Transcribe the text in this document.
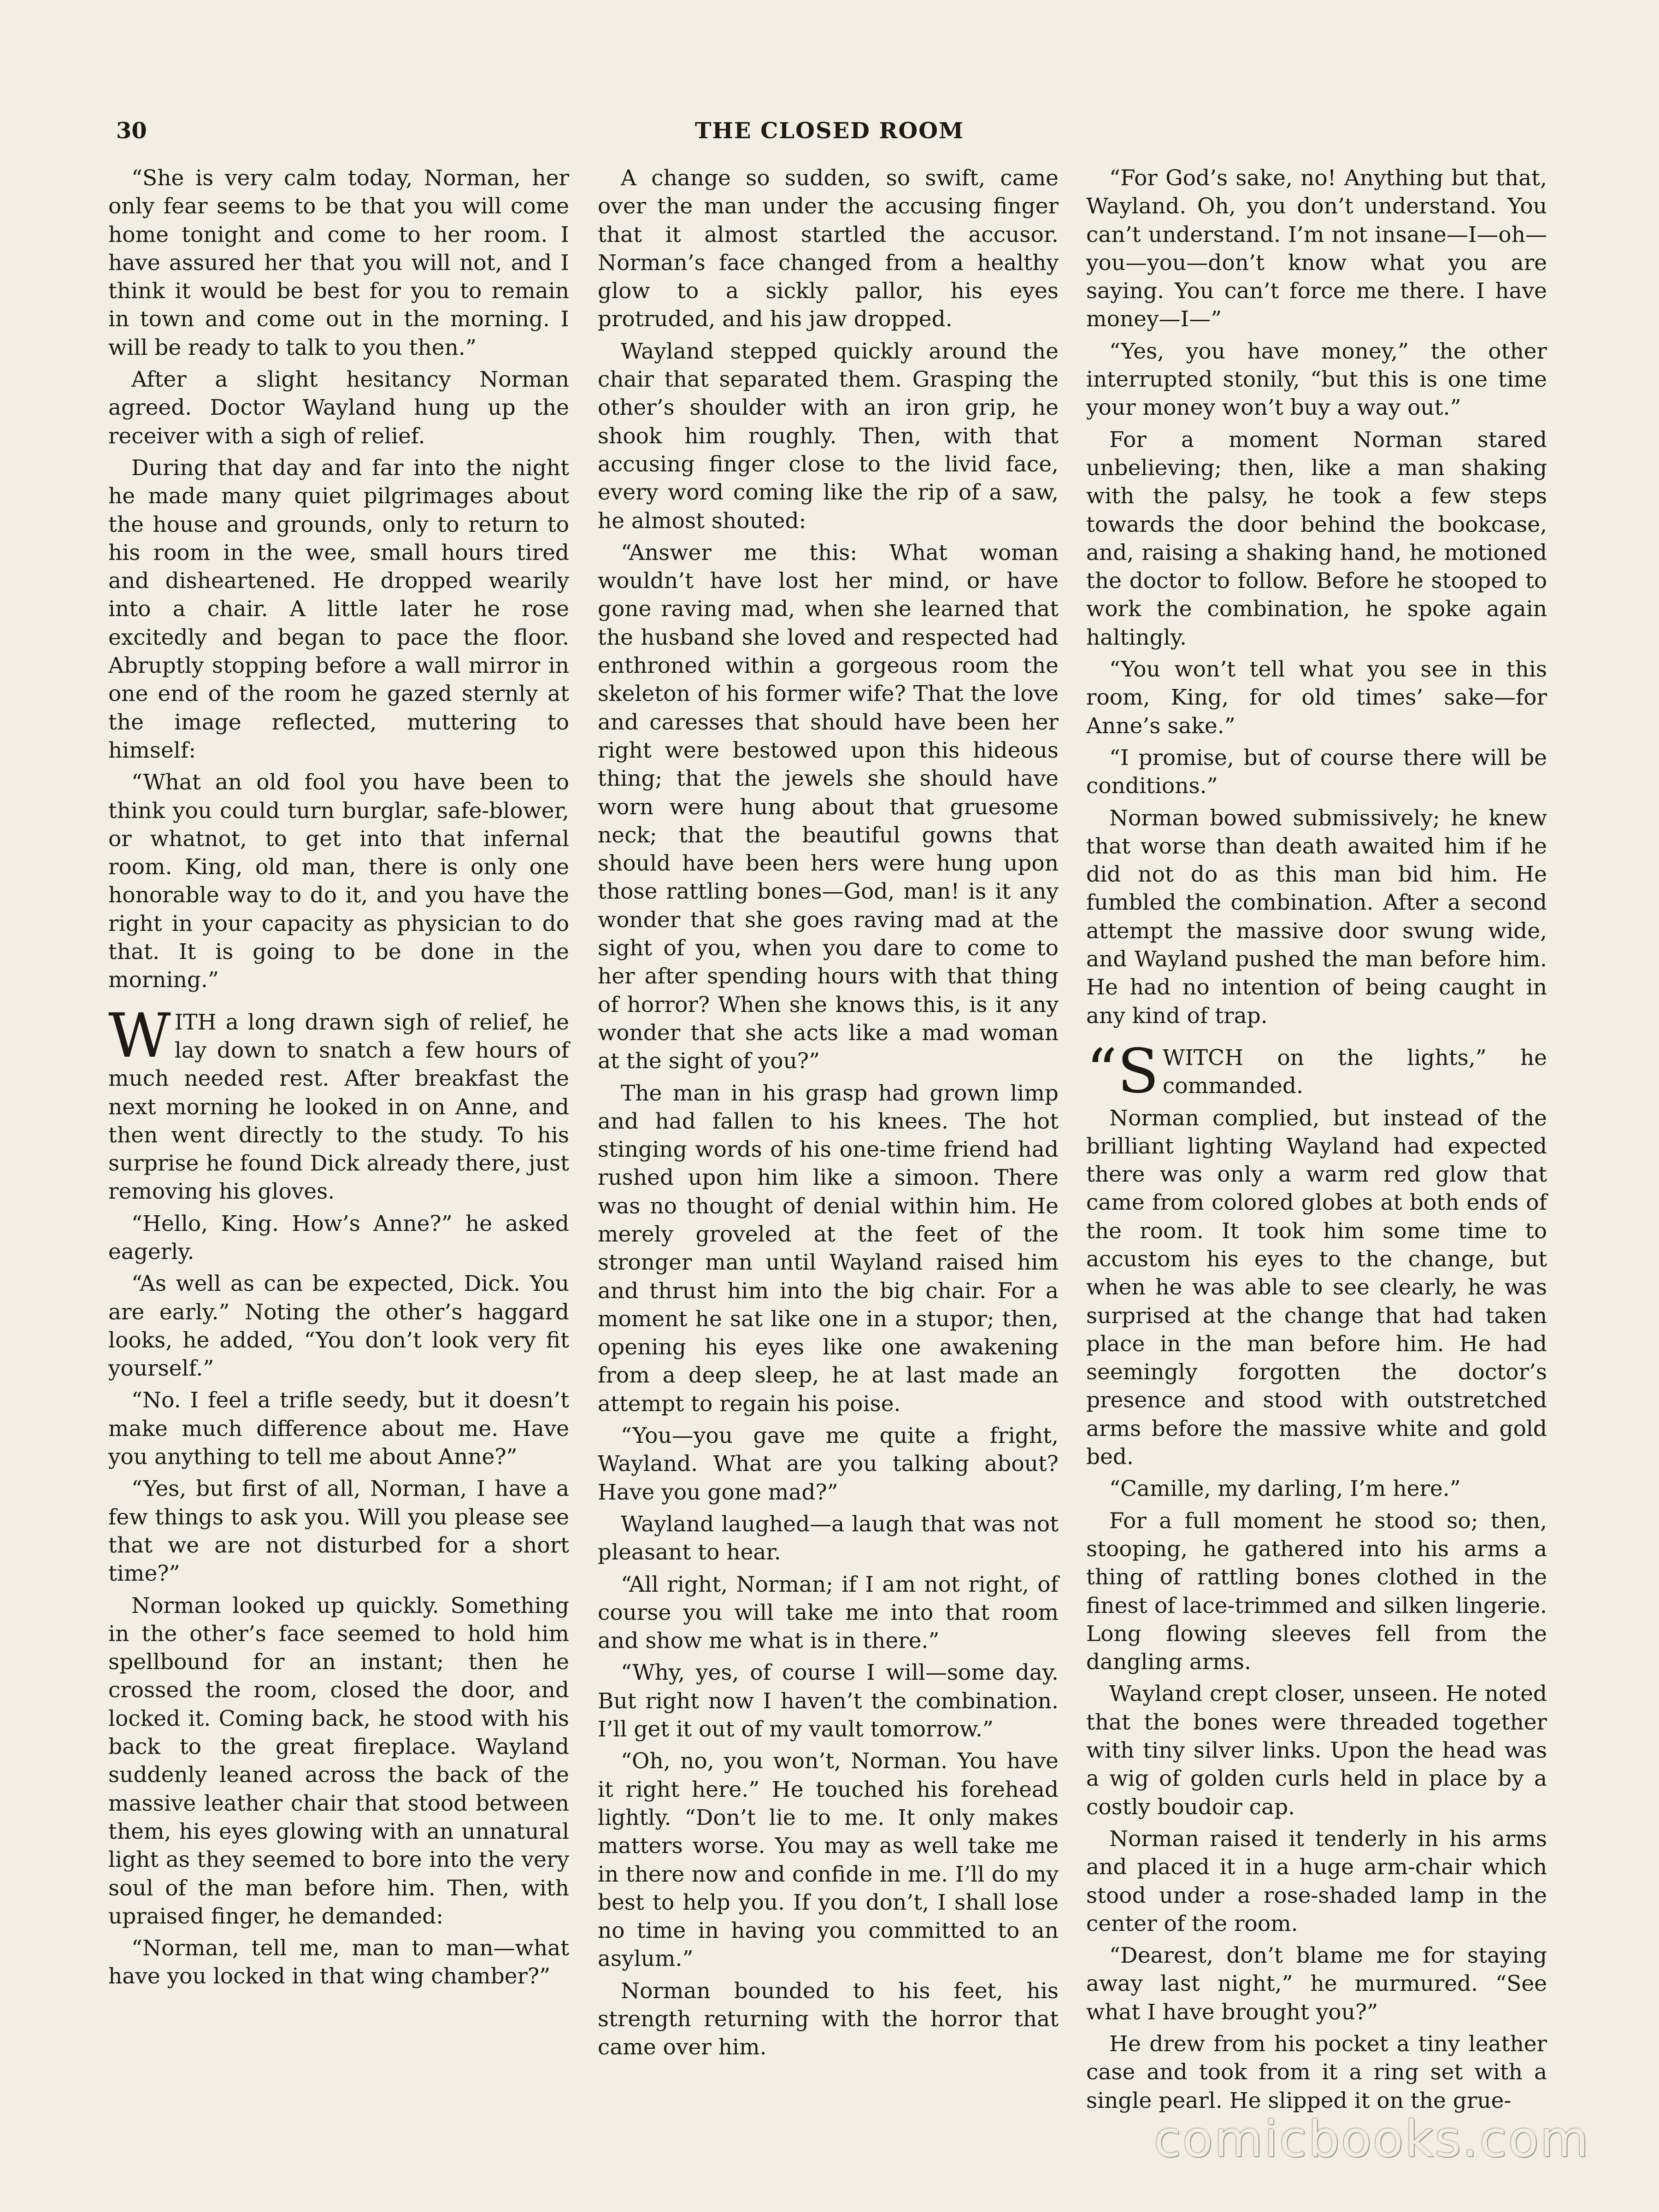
30	THE CLOSED ROOM

“She is very calm today, Norman, her only fear seems to be that you will come home tonight and come to her room. I have assured her that you will not, and I think it would be best for you to remain in town and come out in the morning. I will be ready to talk to you then.”

After a slight hesitancy Norman agreed. Doctor Wayland hung up the receiver with a sigh of relief.

During that day and far into the night he made many quiet pilgrimages about the house and grounds, only to return to his room in the wee, small hours tired and disheartened. He dropped wearily into a chair. A little later he rose excitedly and began to pace the floor. Abruptly stopping before a wall mirror in one end of the room he gazed sternly at the image reflected, muttering to himself:

“What an old fool you have been to think you could turn burglar, safe-blower, or whatnot, to get into that infernal room. King, old man, there is only one honorable way to do it, and you have the right in your capacity as physician to do that. It is going to be done in the morning.”

WITH a long drawn sigh of relief, he lay down to snatch a few hours of much needed rest. After breakfast the next morning he looked in on Anne, and then went directly to the study. To his surprise he found Dick already there, just removing his gloves.

“Hello, King. How’s Anne?” he asked eagerly.

“As well as can be expected, Dick. You are early.” Noting the other’s haggard looks, he added, “You don’t look very fit yourself.”

“No. I feel a trifle seedy, but it doesn’t make much difference about me. Have you anything to tell me about Anne?”

“Yes, but first of all, Norman, I have a few things to ask you. Will you please see that we are not disturbed for a short time?”

Norman looked up quickly. Something in the other’s face seemed to hold him spellbound for an instant; then he crossed the room, closed the door, and locked it. Coming back, he stood with his back to the great fireplace. Wayland suddenly leaned across the back of the massive leather chair that stood between them, his eyes glowing with an unnatural light as they seemed to bore into the very soul of the man before him. Then, with upraised finger, he demanded:

“Norman, tell me, man to man—what have you locked in that wing chamber?”

A change so sudden, so swift, came over the man under the accusing finger that it almost startled the accusor. Norman’s face changed from a healthy glow to a sickly pallor, his eyes protruded, and his jaw dropped.

Wayland stepped quickly around the chair that separated them. Grasping the other’s shoulder with an iron grip, he shook him roughly. Then, with that accusing finger close to the livid face, every word coming like the rip of a saw, he almost shouted:

“Answer me this: What woman wouldn’t have lost her mind, or have gone raving mad, when she learned that the husband she loved and respected had enthroned within a gorgeous room the skeleton of his former wife? That the love and caresses that should have been her right were bestowed upon this hideous thing; that the jewels she should have worn were hung about that gruesome neck; that the beautiful gowns that should have been hers were hung upon those rattling bones—God, man! is it any wonder that she goes raving mad at the sight of you, when you dare to come to her after spending hours with that thing of horror? When she knows this, is it any wonder that she acts like a mad woman at the sight of you?”

The man in his grasp had grown limp and had fallen to his knees. The hot stinging words of his one-time friend had rushed upon him like a simoon. There was no thought of denial within him. He merely groveled at the feet of the stronger man until Wayland raised him and thrust him into the big chair. For a moment he sat like one in a stupor; then, opening his eyes like one awakening from a deep sleep, he at last made an attempt to regain his poise.

“You—you gave me quite a fright, Wayland. What are you talking about? Have you gone mad?”

Wayland laughed—a laugh that was not pleasant to hear.

“All right, Norman; if I am not right, of course you will take me into that room and show me what is in there.”

“Why, yes, of course I will—some day. But right now I haven’t the combination. I’ll get it out of my vault tomorrow.”

“Oh, no, you won’t, Norman. You have it right here.” He touched his forehead lightly. “Don’t lie to me. It only makes matters worse. You may as well take me in there now and confide in me. I’ll do my best to help you. If you don’t, I shall lose no time in having you committed to an asylum.”

Norman bounded to his feet, his strength returning with the horror that came over him.

“For God’s sake, no! Anything but that, Wayland. Oh, you don’t understand. You can’t understand. I’m not insane—I—oh—you—you—don’t know what you are saying. You can’t force me there. I have money—I—”

“Yes, you have money,” the other interrupted stonily, “but this is one time your money won’t buy a way out.”

For a moment Norman stared unbelieving; then, like a man shaking with the palsy, he took a few steps towards the door behind the bookcase, and, raising a shaking hand, he motioned the doctor to follow. Before he stooped to work the combination, he spoke again haltingly.

“You won’t tell what you see in this room, King, for old times’ sake—for Anne’s sake.”

“I promise, but of course there will be conditions.”

Norman bowed submissively; he knew that worse than death awaited him if he did not do as this man bid him. He fumbled the combination. After a second attempt the massive door swung wide, and Wayland pushed the man before him. He had no intention of being caught in any kind of trap.

“SWITCH on the lights,” he commanded.

Norman complied, but instead of the brilliant lighting Wayland had expected there was only a warm red glow that came from colored globes at both ends of the room. It took him some time to accustom his eyes to the change, but when he was able to see clearly, he was surprised at the change that had taken place in the man before him. He had seemingly forgotten the doctor’s presence and stood with outstretched arms before the massive white and gold bed.

“Camille, my darling, I’m here.”

For a full moment he stood so; then, stooping, he gathered into his arms a thing of rattling bones clothed in the finest of lace-trimmed and silken lingerie. Long flowing sleeves fell from the dangling arms.

Wayland crept closer, unseen. He noted that the bones were threaded together with tiny silver links. Upon the head was a wig of golden curls held in place by a costly boudoir cap.

Norman raised it tenderly in his arms and placed it in a huge arm-chair which stood under a rose-shaded lamp in the center of the room.

“Dearest, don’t blame me for staying away last night,” he murmured. “See what I have brought you?”

He drew from his pocket a tiny leather case and took from it a ring set with a single pearl. He slipped it on the grue-

comicbooks.com
